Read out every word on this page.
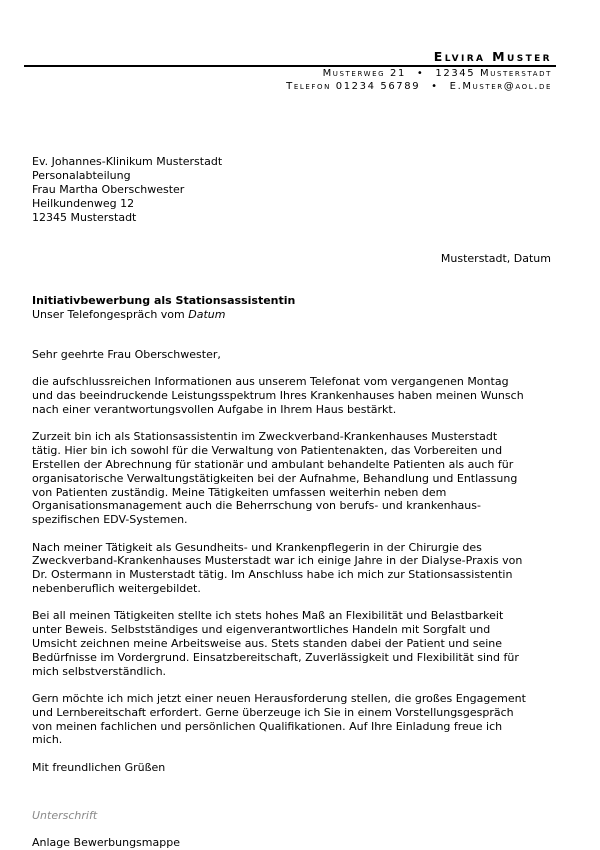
Elvira Muster
Musterweg 21 • 12345 Musterstadt
Telefon 01234 56789 • E.Muster@aol.de
Ev. Johannes-Klinikum Musterstadt
Personalabteilung
Frau Martha Oberschwester
Heilkundenweg 12
12345 Musterstadt
Musterstadt, Datum
Initiativbewerbung als Stationsassistentin
Unser Telefongespräch vom Datum

Sehr geehrte Frau Oberschwester,

die aufschlussreichen Informationen aus unserem Telefonat vom vergangenen Montag
und das beeindruckende Leistungsspektrum Ihres Krankenhauses haben meinen Wunsch
nach einer verantwortungsvollen Aufgabe in Ihrem Haus bestärkt.

Zurzeit bin ich als Stationsassistentin im Zweckverband-Krankenhauses Musterstadt
tätig. Hier bin ich sowohl für die Verwaltung von Patientenakten, das Vorbereiten und
Erstellen der Abrechnung für stationär und ambulant behandelte Patienten als auch für
organisatorische Verwaltungstätigkeiten bei der Aufnahme, Behandlung und Entlassung
von Patienten zuständig. Meine Tätigkeiten umfassen weiterhin neben dem
Organisationsmanagement auch die Beherrschung von berufs- und krankenhaus-
spezifischen EDV-Systemen.

Nach meiner Tätigkeit als Gesundheits- und Krankenpflegerin in der Chirurgie des
Zweckverband-Krankenhauses Musterstadt war ich einige Jahre in der Dialyse-Praxis von
Dr. Ostermann in Musterstadt tätig. Im Anschluss habe ich mich zur Stationsassistentin
nebenberuflich weitergebildet.

Bei all meinen Tätigkeiten stellte ich stets hohes Maß an Flexibilität und Belastbarkeit
unter Beweis. Selbstständiges und eigenverantwortliches Handeln mit Sorgfalt und
Umsicht zeichnen meine Arbeitsweise aus. Stets standen dabei der Patient und seine
Bedürfnisse im Vordergrund. Einsatzbereitschaft, Zuverlässigkeit und Flexibilität sind für
mich selbstverständlich.

Gern möchte ich mich jetzt einer neuen Herausforderung stellen, die großes Engagement
und Lernbereitschaft erfordert. Gerne überzeuge ich Sie in einem Vorstellungsgespräch
von meinen fachlichen und persönlichen Qualifikationen. Auf Ihre Einladung freue ich
mich.

Mit freundlichen Grüßen

Unterschrift
Anlage Bewerbungsmappe
